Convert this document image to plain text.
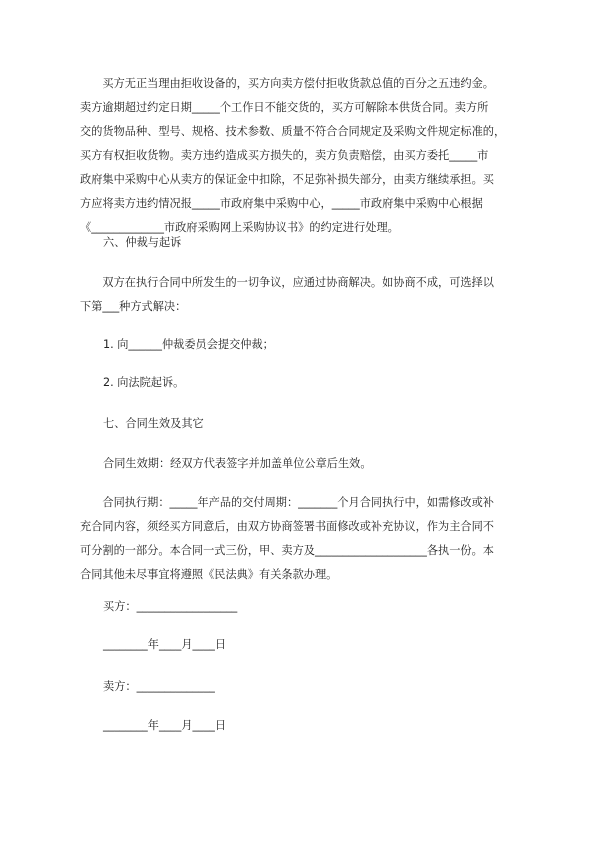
　　买方无正当理由拒收设备的，买方向卖方偿付拒收货款总值的百分之五违约金。
卖方逾期超过约定日期_____个工作日不能交货的，买方可解除本供货合同。卖方所
交的货物品种、型号、规格、技术参数、质量不符合合同规定及采购文件规定标准的，
买方有权拒收货物。卖方违约造成买方损失的，卖方负责赔偿，由买方委托_____市
政府集中采购中心从卖方的保证金中扣除，不足弥补损失部分，由卖方继续承担。买
方应将卖方违约情况报_____市政府集中采购中心，_____市政府集中采购中心根据
《_____________市政府采购网上采购协议书》的约定进行处理。

六、仲裁与起诉

　　双方在执行合同中所发生的一切争议，应通过协商解决。如协商不成，可选择以
下第___种方式解决：

1. 向______仲裁委员会提交仲裁；

2. 向法院起诉。

七、合同生效及其它

合同生效期：经双方代表签字并加盖单位公章后生效。

　　合同执行期：_____年产品的交付周期：_______个月合同执行中，如需修改或补
充合同内容，须经买方同意后，由双方协商签署书面修改或补充协议，作为主合同不
可分割的一部分。本合同一式三份，甲、卖方及____________________各执一份。本
合同其他未尽事宜将遵照《民法典》有关条款办理。

买方：__________________

________年____月____日

卖方：______________

________年____月____日
